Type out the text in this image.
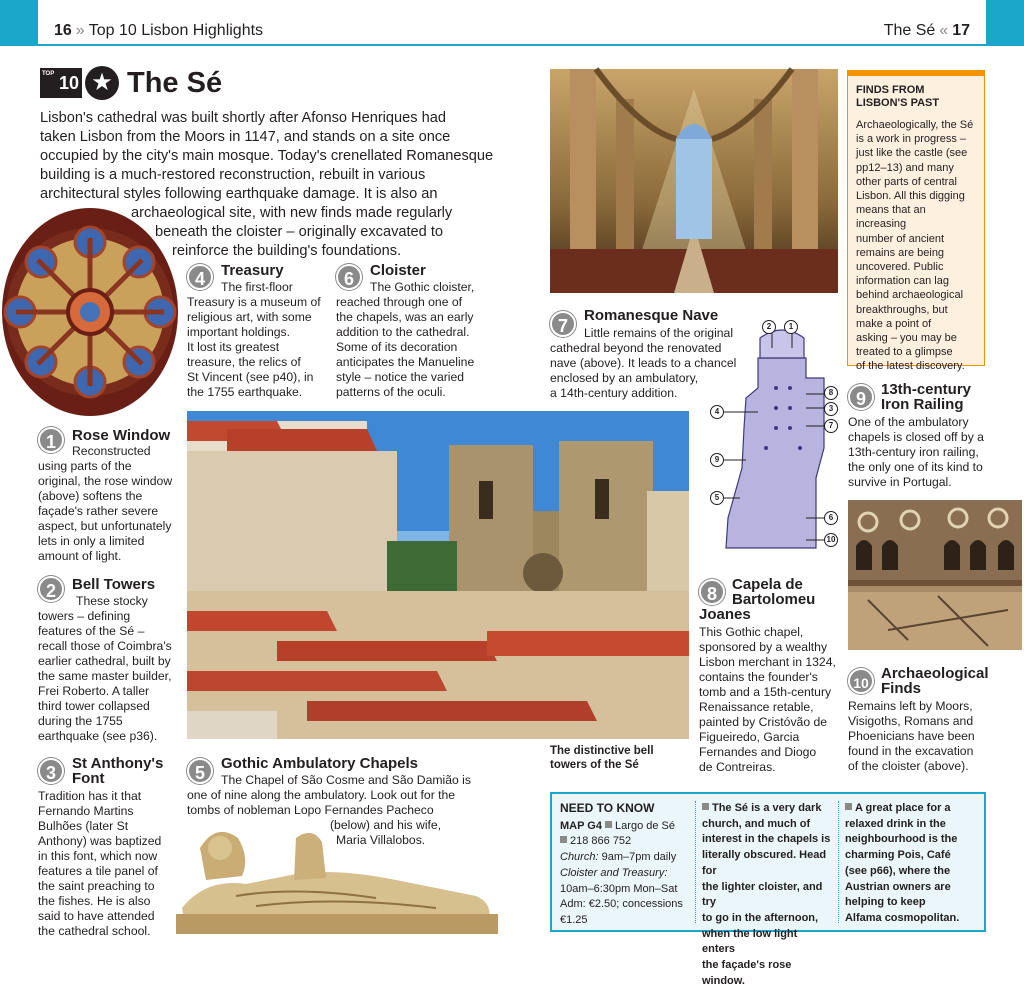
16 » Top 10 Lisbon Highlights	The Sé « 17
TOP 10 ★ The Sé
Lisbon's cathedral was built shortly after Afonso Henriques had
taken Lisbon from the Moors in 1147, and stands on a site once
occupied by the city's main mosque. Today's crenellated Romanesque
building is a much-restored reconstruction, rebuilt in various
architectural styles following earthquake damage. It is also an
archaeological site, with new finds made regularly
beneath the cloister – originally excavated to
reinforce the building's foundations.
2	1
8
3
4
7
9
5
6
10
1	Rose Window
Reconstructed
using parts of the
original, the rose window
(above) softens the
façade's rather severe
aspect, but unfortunately
lets in only a limited
amount of light.
2	Bell Towers
These stocky
towers – defining
features of the Sé –
recall those of Coimbra's
earlier cathedral, built by
the same master builder,
Frei Roberto. A taller
third tower collapsed
during the 1755
earthquake (see p36).
3	St Anthony's
Font
Tradition has it that
Fernando Martins
Bulhões (later St
Anthony) was baptized
in this font, which now
features a tile panel of
the saint preaching to
the fishes. He is also
said to have attended
the cathedral school.
4	Treasury
The first-floor
Treasury is a museum of
religious art, with some
important holdings.
It lost its greatest
treasure, the relics of
St Vincent (see p40), in
the 1755 earthquake.
6	Cloister
The Gothic cloister,
reached through one of
the chapels, was an early
addition to the cathedral.
Some of its decoration
anticipates the Manueline
style – notice the varied
patterns of the oculi.
5	Gothic Ambulatory Chapels
The Chapel of São Cosme and São Damião is
one of nine along the ambulatory. Look out for the
tombs of nobleman Lopo Fernandes Pacheco
(below) and his wife,
Maria Villalobos.
7
Romanesque Nave
Little remains of the original
cathedral beyond the renovated
nave (above). It leads to a chancel
enclosed by an ambulatory,
a 14th-century addition.
The distinctive bell
towers of the Sé
8	Capela de
Bartolomeu
Joanes
This Gothic chapel,
sponsored by a wealthy
Lisbon merchant in 1324,
contains the founder's
tomb and a 15th-century
Renaissance retable,
painted by Cristóvão de
Figueiredo, Garcia
Fernandes and Diogo
de Contreiras.
FINDS FROM
LISBON'S PAST
Archaeologically, the Sé
is a work in progress –
just like the castle (see
pp12–13) and many
other parts of central
Lisbon. All this digging
means that an increasing
number of ancient
remains are being
uncovered. Public
information can lag
behind archaeological
breakthroughs, but
make a point of
asking – you may be
treated to a glimpse
of the latest discovery.
9	13th-century
Iron Railing
One of the ambulatory
chapels is closed off by a
13th-century iron railing,
the only one of its kind to
survive in Portugal.
10
Archaeological
Finds
Remains left by Moors,
Visigoths, Romans and
Phoenicians have been
found in the excavation
of the cloister (above).
NEED TO KNOW
MAP G4 Largo de Sé
218 866 752
Church: 9am–7pm daily
Cloister and Treasury:
10am–6:30pm Mon–Sat
Adm: €2.50; concessions
€1.25
The Sé is a very dark
church, and much of
interest in the chapels is
literally obscured. Head for
the lighter cloister, and try
to go in the afternoon,
when the low light enters
the façade's rose window.
A great place for a
relaxed drink in the
neighbourhood is the
charming Pois, Café
(see p66), where the
Austrian owners are
helping to keep
Alfama cosmopolitan.
